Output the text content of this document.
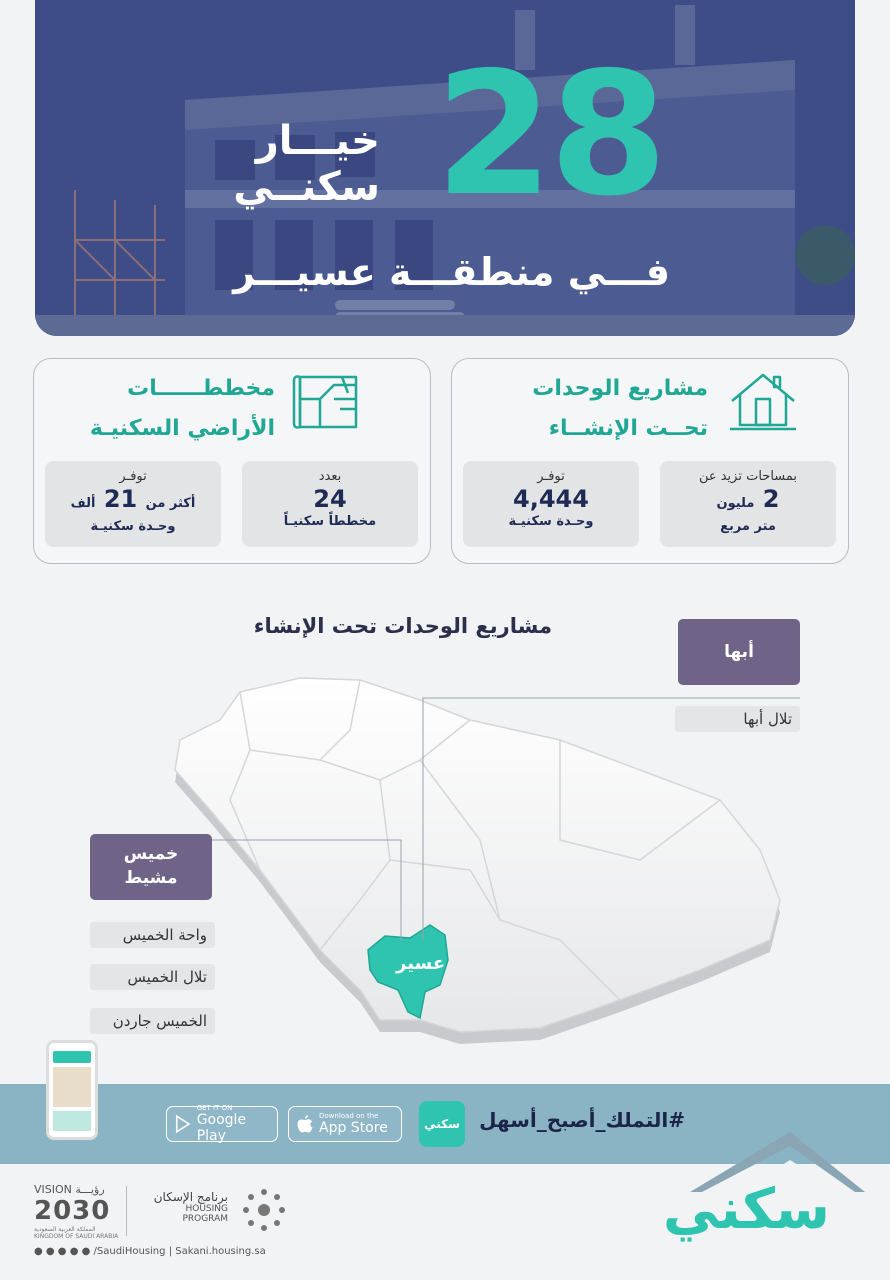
28
خيـــار
سكنــي
فـــي منطقـــة عسيـــر
مشاريع الوحدات
تحــت الإنشــاء
بمساحات تزيد عن
2 مليون
متر مربع
توفـر
4,444
وحـدة سكنيـة
مخططــــــات
الأراضي السكنيـة
بعدد
24
مخططاً سكنيـاً
توفـر
أكثر من 21 ألف
وحـدة سكنيـة
مشاريع الوحدات تحت الإنشاء
عسير
أبها
تلال أبها
خميس مشيط
واحة الخميس
تلال الخميس
الخميس جاردن
GET IT ON
Google Play
Download on the
App Store	سكني #التملك_أصبح_أسهل
سكني
VISION رؤيـــة
2030
المملكة العربية السعودية
KINGDOM OF SAUDI ARABIA
برنامج الإسكان
HOUSING PROGRAM
● ● ● ● ● /SaudiHousing | Sakani.housing.sa
